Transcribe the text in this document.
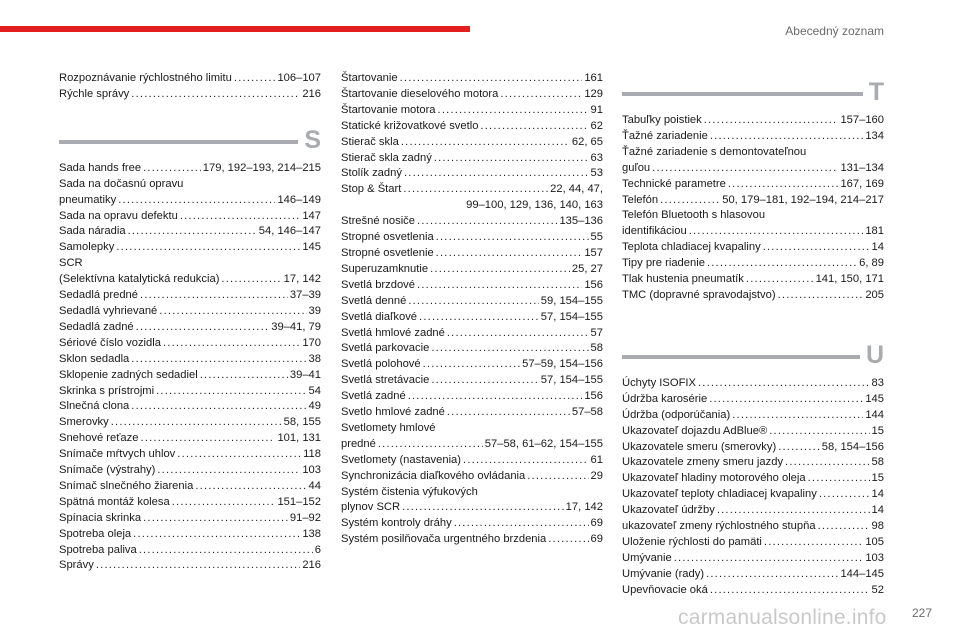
Abecedný zoznam
Rozpoznávanie rýchlostného limitu .....	106–107
Rýchle správy .....	216
S
Sada hands free .....	179, 192–193, 214–215
Sada na dočasnú opravu
pneumatiky .....	146–149
Sada na opravu defektu .....	147
Sada náradia .....	54, 146–147
Samolepky .....	145
SCR
(Selektívna katalytická redukcia) .....	17, 142
Sedadlá predné .....	37–39
Sedadlá vyhrievané .....	39
Sedadlá zadné .....	39–41, 79
Sériové číslo vozidla .....	170
Sklon sedadla .....	38
Sklopenie zadných sedadiel .....	39–41
Skrinka s prístrojmi .....	54
Slnečná clona .....	49
Smerovky .....	58, 155
Snehové reťaze .....	101, 131
Snímače mŕtvych uhlov .....	118
Snímače (výstrahy) .....	103
Snímač slnečného žiarenia .....	44
Spätná montáž kolesa .....	151–152
Spínacia skrinka .....	91–92
Spotreba oleja .....	138
Spotreba paliva .....	6
Správy .....	216
Štartovanie .....	161
Štartovanie dieselového motora .....	129
Štartovanie motora .....	91
Statické križovatkové svetlo .....	62
Stierač skla .....	62, 65
Stierač skla zadný .....	63
Stolík zadný .....	53
Stop & Štart .....	22, 44, 47,
99–100, 129, 136, 140, 163
Strešné nosiče .....	135–136
Stropné osvetlenia .....	55
Stropné osvetlenie .....	157
Superuzamknutie .....	25, 27
Svetlá brzdové .....	156
Svetlá denné .....	59, 154–155
Svetlá diaľkové .....	57, 154–155
Svetlá hmlové zadné .....	57
Svetlá parkovacie .....	58
Svetlá polohové .....	57–59, 154–156
Svetlá stretávacie .....	57, 154–155
Svetlá zadné .....	156
Svetlo hmlové zadné .....	57–58
Svetlomety hmlové
predné .....	57–58, 61–62, 154–155
Svetlomety (nastavenia) .....	61
Synchronizácia diaľkového ovládania .....	29
Systém čistenia výfukových
plynov SCR .....	17, 142
Systém kontroly dráhy .....	69
Systém posilňovača urgentného brzdenia .....	69
T
Tabuľky poistiek .....	157–160
Ťažné zariadenie .....	134
Ťažné zariadenie s demontovateľnou
guľou .....	131–134
Technické parametre .....	167, 169
Telefón .....	50, 179–181, 192–194, 214–217
Telefón Bluetooth s hlasovou
identifikáciou .....	181
Teplota chladiacej kvapaliny .....	14
Tipy pre riadenie .....	6, 89
Tlak hustenia pneumatík .....	141, 150, 171
TMC (dopravné spravodajstvo) .....	205
U
Úchyty ISOFIX .....	83
Údržba karosérie .....	145
Údržba (odporúčania) .....	144
Ukazovateľ dojazdu AdBlue® .....	15
Ukazovatele smeru (smerovky) .....	58, 154–156
Ukazovatele zmeny smeru jazdy .....	58
Ukazovateľ hladiny motorového oleja .....	15
Ukazovateľ teploty chladiacej kvapaliny .....	14
Ukazovateľ údržby .....	14
ukazovateľ zmeny rýchlostného stupňa .....	98
Uloženie rýchlosti do pamäti .....	105
Umývanie .....	103
Umývanie (rady) .....	144–145
Upevňovacie oká .....	52
carmanualsonline.info 227
